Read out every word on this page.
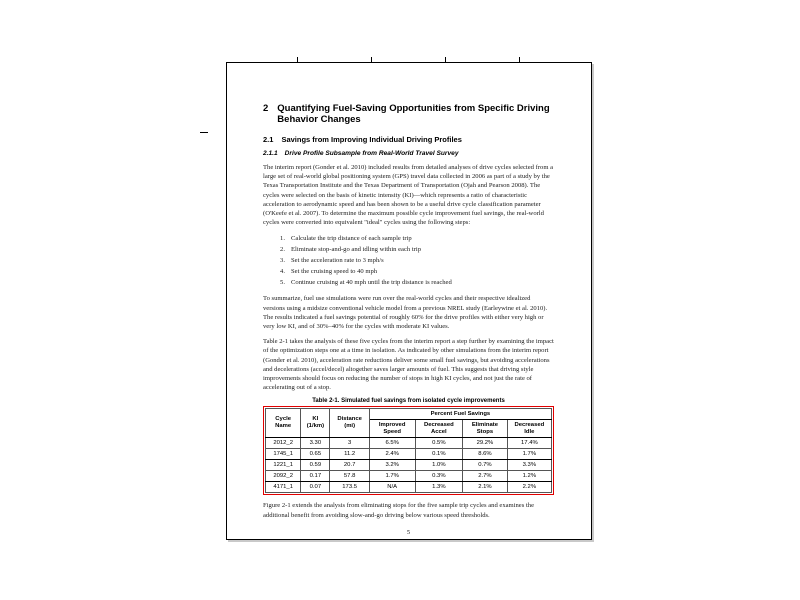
2 Quantifying Fuel-Saving Opportunities from Specific Driving Behavior Changes
2.1 Savings from Improving Individual Driving Profiles
2.1.1 Drive Profile Subsample from Real-World Travel Survey

The interim report (Gonder et al. 2010) included results from detailed analyses of drive cycles selected from a large set of real-world global positioning system (GPS) travel data collected in 2006 as part of a study by the Texas Transportation Institute and the Texas Department of Transportation (Ojah and Pearson 2008). The cycles were selected on the basis of kinetic intensity (KI)—which represents a ratio of characteristic acceleration to aerodynamic speed and has been shown to be a useful drive cycle classification parameter (O'Keefe et al. 2007). To determine the maximum possible cycle improvement fuel savings, the real-world cycles were converted into equivalent "ideal" cycles using the following steps:

1. Calculate the trip distance of each sample trip
2. Eliminate stop-and-go and idling within each trip
3. Set the acceleration rate to 3 mph/s
4. Set the cruising speed to 40 mph
5. Continue cruising at 40 mph until the trip distance is reached

To summarize, fuel use simulations were run over the real-world cycles and their respective idealized versions using a midsize conventional vehicle model from a previous NREL study (Earleywine et al. 2010). The results indicated a fuel savings potential of roughly 60% for the drive profiles with either very high or very low KI, and of 30%–40% for the cycles with moderate KI values.

Table 2-1 takes the analysis of these five cycles from the interim report a step further by examining the impact of the optimization steps one at a time in isolation. As indicated by other simulations from the interim report (Gonder et al. 2010), acceleration rate reductions deliver some small fuel savings, but avoiding accelerations and decelerations (accel/decel) altogether saves larger amounts of fuel. This suggests that driving style improvements should focus on reducing the number of stops in high KI cycles, and not just the rate of accelerating out of a stop.

Table 2-1. Simulated fuel savings from isolated cycle improvements
Cycle Name	KI (1/km)	Distance (mi)	Percent Fuel Savings			
			Improved Speed	Decreased Accel	Eliminate Stops	Decreased Idle
2012_2	3.30	3	6.5%	0.5%	29.2%	17.4%
1745_1	0.65	11.2	2.4%	0.1%	8.6%	1.7%
1221_1	0.59	20.7	3.2%	1.0%	0.7%	3.3%
2092_2	0.17	57.8	1.7%	0.3%	2.7%	1.2%
4171_1	0.07	173.5	N/A	1.3%	2.1%	2.2%

Figure 2-1 extends the analysis from eliminating stops for the five sample trip cycles and examines the additional benefit from avoiding slow-and-go driving below various speed thresholds.

5
